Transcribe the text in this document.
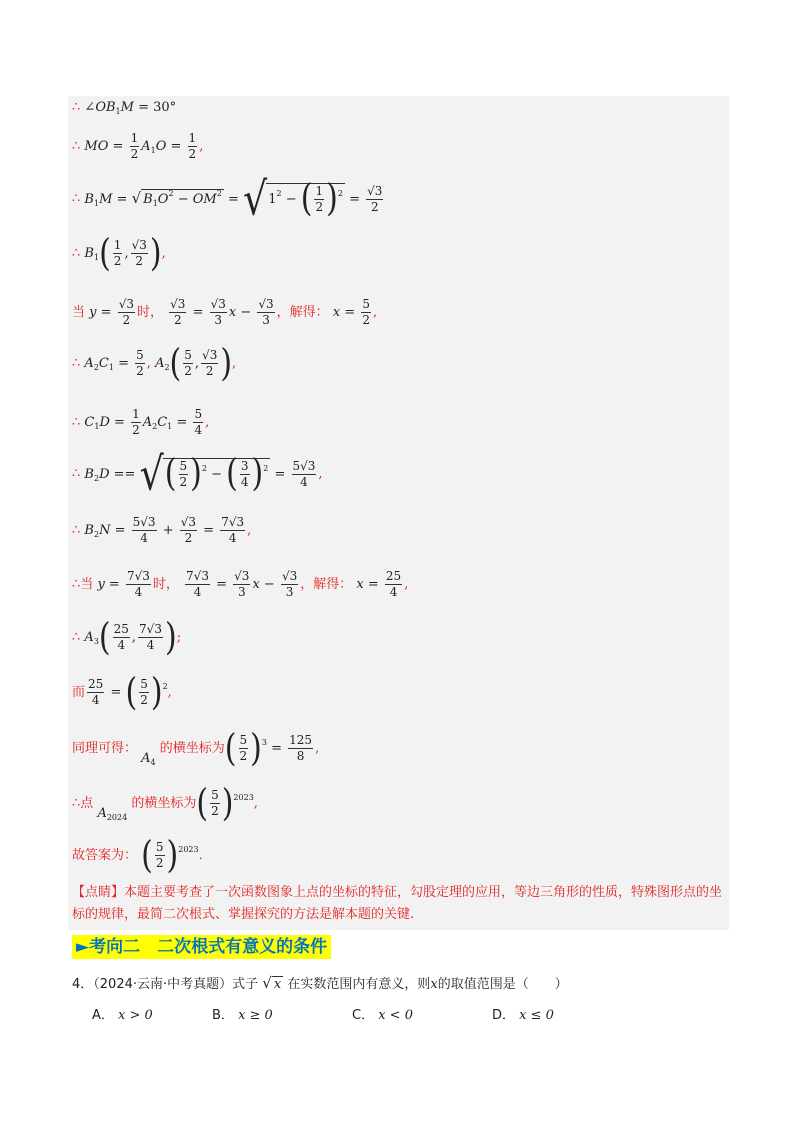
∴ $\angle OB_1M = 30^\circ$
∴ MO = $\frac{1}{2} A_1O = \frac{1}{2}$ ,
∴ $B_1M$ = √ $B_1O^2 - OM^2 = √1^2$ − ( $\frac{1}{2} )^2 = \frac{√3}{2}$
∴ $B_1( \frac{1}{2}$ , $\frac{√3}{2}$ ),
当 $y = \frac{√3}{2}$ 时， $\frac{√3}{2} = \frac{√3}{3}$ $x - \frac{√3}{3}$ ，解得： $x = \frac{5}{2}$ ,
∴ $A_2C_1 = \frac{5}{2}$ , $A_2( \frac{5}{2}$ , $\frac{√3}{2}$ ),
∴ $C_1D = \frac{1}{2} A_2C_1 = \frac{5}{4}$ ,
∴ $B_2D$ == √( $\frac{5}{2} )^2$ − ( $\frac{3}{4} )^2 = \frac{5√3}{4}$ ,
∴ $B_2N = \frac{5√3}{4} + \frac{√3}{2} = \frac{7√3}{4}$ ,
∴当 $y = \frac{7√3}{4}$ 时， $\frac{7√3}{4} = \frac{√3}{3}$ $x - \frac{√3}{3}$ ，解得： $x = \frac{25}{4}$ ,
∴ $A_3( \frac{25}{4}$ , $\frac{7√3}{4}$ );
而 $\frac{25}{4}$ = ( $\frac{5}{2} )^2$,
同理可得： $A_4$ 的横坐标为( $\frac{5}{2} )^3 = \frac{125}{8}$ ,
∴点 $A_{2024}$ 的横坐标为( $\frac{5}{2} )^{2023}$,
故答案为： ( $\frac{5}{2} )^{2023}$．
【点睛】本题主要考查了一次函数图象上点的坐标的特征，勾股定理的应用，等边三角形的性质，特殊图形点的坐标的规律，最简二次根式、掌握探究的方法是解本题的关键.
►考向二　二次根式有意义的条件
4．（2024·云南·中考真题）式子 √ x 在实数范围内有意义，则x的取值范围是（　　）
A． x > 0	B． x ≥ 0	C． x < 0	D． x ≤ 0
